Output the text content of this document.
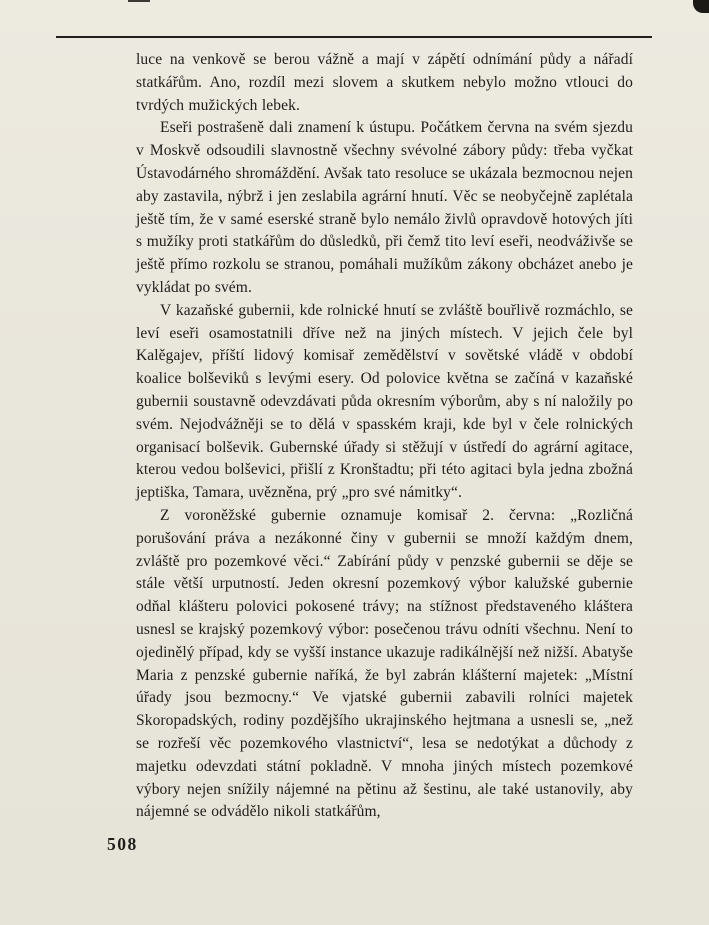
luce na venkově se berou vážně a mají v zápětí odnímání půdy a nářadí statkářům. Ano, rozdíl mezi slovem a skutkem nebylo možno vtlouci do tvrdých mužických lebek.

Eseři postrašeně dali znamení k ústupu. Počátkem června na svém sjezdu v Moskvě odsoudili slavnostně všechny svévolné zábory půdy: třeba vyčkat Ústavodárného shromáždění. Avšak tato resoluce se ukázala bezmocnou nejen aby zastavila, nýbrž i jen zeslabila agrární hnutí. Věc se neobyčejně zaplétala ještě tím, že v samé eserské straně bylo nemálo živlů opravdově hotových jíti s mužíky proti statkářům do důsledků, při čemž tito leví eseři, neodváživše se ještě přímo rozkolu se stranou, pomáhali mužíkům zákony obcházet anebo je vykládat po svém.

V kazaňské gubernii, kde rolnické hnutí se zvláště bouřlivě rozmáchlo, se leví eseři osamostatnili dříve než na jiných místech. V jejich čele byl Kalěgajev, příští lidový komisař zemědělství v sovětské vládě v období koalice bolševiků s levými esery. Od polovice května se začíná v kazaňské gubernii soustavně odevzdávati půda okresním výborům, aby s ní naložily po svém. Nejodvážněji se to dělá v spasském kraji, kde byl v čele rolnických organisací bolševik. Gubernské úřady si stěžují v ústředí do agrární agitace, kterou vedou bolševici, přišlí z Kronštadtu; při této agitaci byla jedna zbožná jeptiška, Tamara, uvězněna, prý „pro své námitky“.

Z voroněžské gubernie oznamuje komisař 2. června: „Rozličná porušování práva a nezákonné činy v gubernii se množí každým dnem, zvláště pro pozemkové věci.“ Zabírání půdy v penzské gubernii se děje se stále větší urputností. Jeden okresní pozemkový výbor kalužské gubernie odňal klášteru polovici pokosené trávy; na stížnost představeného kláštera usnesl se krajský pozemkový výbor: posečenou trávu odníti všechnu. Není to ojedinělý případ, kdy se vyšší instance ukazuje radikálnější než nižší. Abatyše Maria z penzské gubernie naříká, že byl zabrán klášterní majetek: „Místní úřady jsou bezmocny.“ Ve vjatské gubernii zabavili rolníci majetek Skoropadských, rodiny pozdějšího ukrajinského hejtmana a usnesli se, „než se rozřeší věc pozemkového vlastnictví“, lesa se nedotýkat a důchody z majetku odevzdati státní pokladně. V mnoha jiných místech pozemkové výbory nejen snížily nájemné na pětinu až šestinu, ale také ustanovily, aby nájemné se odvádělo nikoli statkářům,

508
